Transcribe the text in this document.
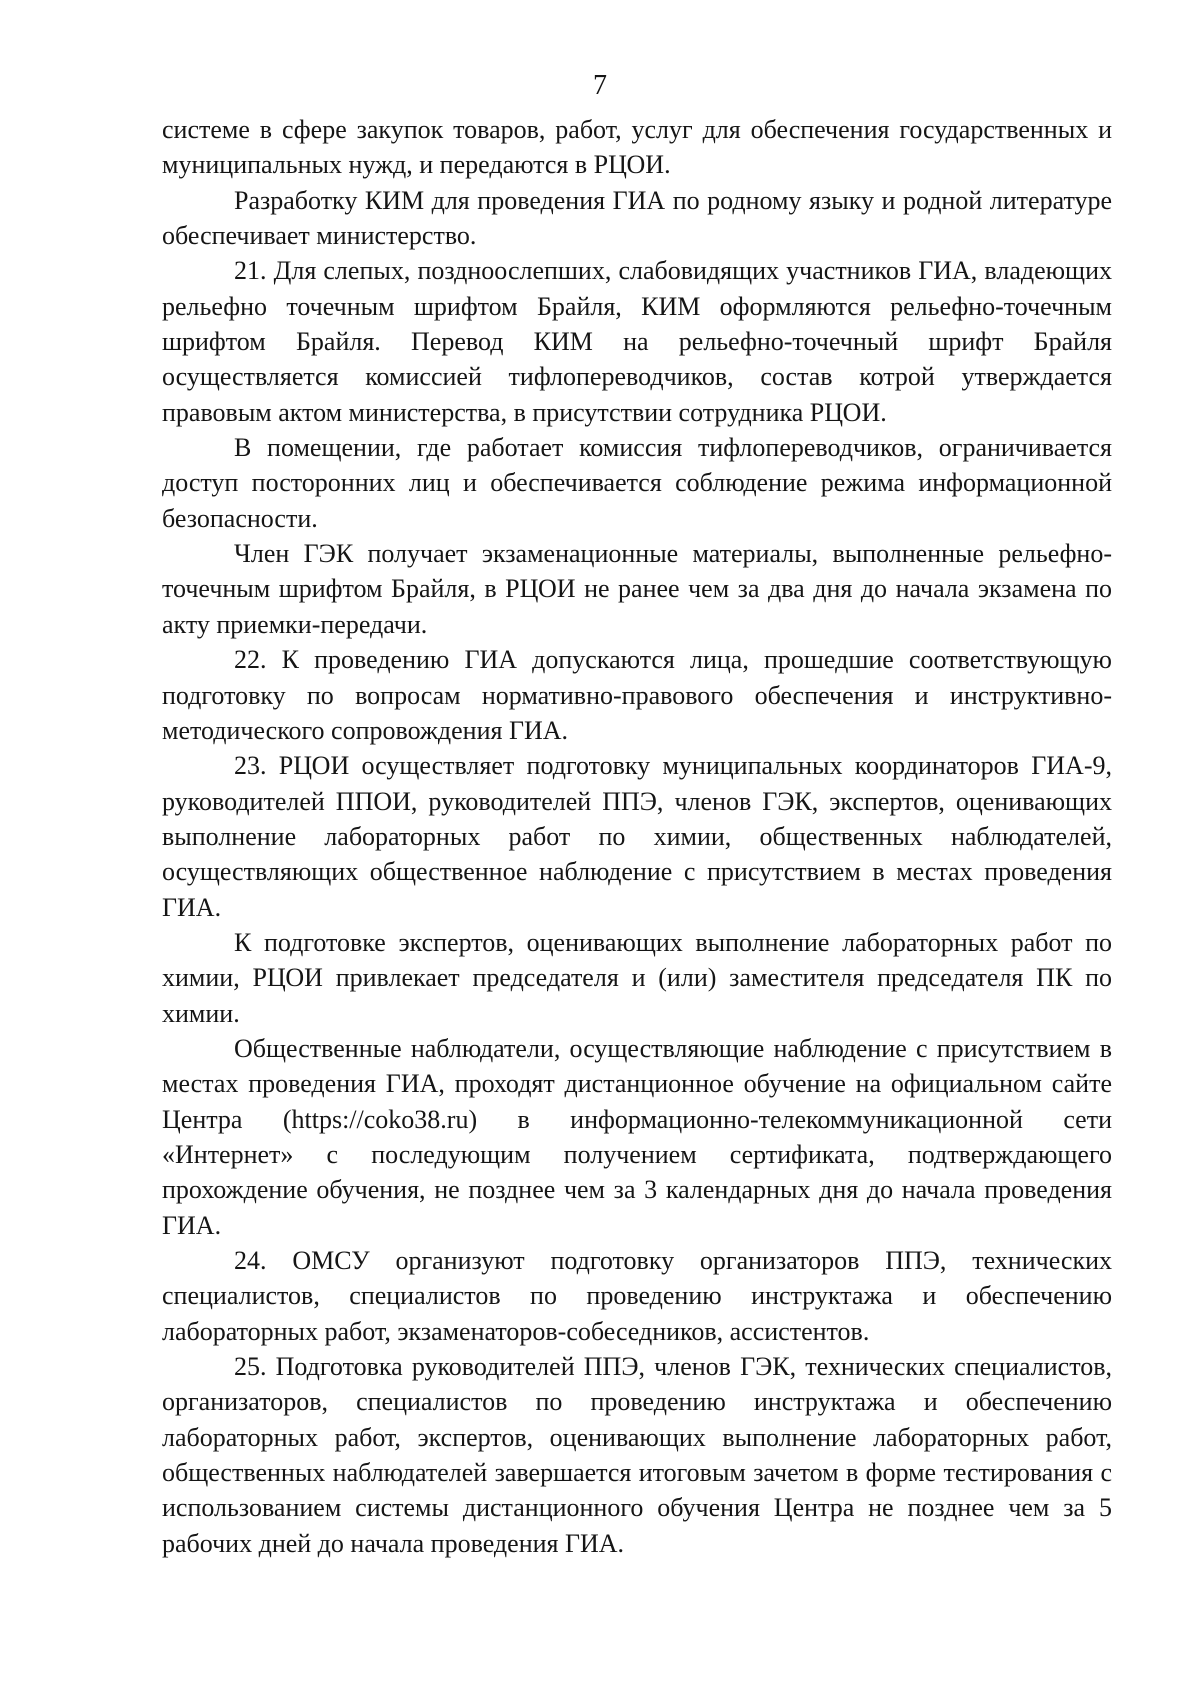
7

системе в сфере закупок товаров, работ, услуг для обеспечения государственных и муниципальных нужд, и передаются в РЦОИ.

Разработку КИМ для проведения ГИА по родному языку и родной литературе обеспечивает министерство.

21. Для слепых, поздноослепших, слабовидящих участников ГИА, владеющих рельефно точечным шрифтом Брайля, КИМ оформляются рельефно-точечным шрифтом Брайля. Перевод КИМ на рельефно-точечный шрифт Брайля осуществляется комиссией тифлопереводчиков, состав котрой утверждается правовым актом министерства, в присутствии сотрудника РЦОИ.

В помещении, где работает комиссия тифлопереводчиков, ограничивается доступ посторонних лиц и обеспечивается соблюдение режима информационной безопасности.

Член ГЭК получает экзаменационные материалы, выполненные рельефно-точечным шрифтом Брайля, в РЦОИ не ранее чем за два дня до начала экзамена по акту приемки-передачи.

22. К проведению ГИА допускаются лица, прошедшие соответствующую подготовку по вопросам нормативно-правового обеспечения и инструктивно-методического сопровождения ГИА.

23. РЦОИ осуществляет подготовку муниципальных координаторов ГИА-9, руководителей ППОИ, руководителей ППЭ, членов ГЭК, экспертов, оценивающих выполнение лабораторных работ по химии, общественных наблюдателей, осуществляющих общественное наблюдение с присутствием в местах проведения ГИА.

К подготовке экспертов, оценивающих выполнение лабораторных работ по химии, РЦОИ привлекает председателя и (или) заместителя председателя ПК по химии.

Общественные наблюдатели, осуществляющие наблюдение с присутствием в местах проведения ГИА, проходят дистанционное обучение на официальном сайте Центра (https://coko38.ru) в информационно-телекоммуникационной сети «Интернет» с последующим получением сертификата, подтверждающего прохождение обучения, не позднее чем за 3 календарных дня до начала проведения ГИА.

24. ОМСУ организуют подготовку организаторов ППЭ, технических специалистов, специалистов по проведению инструктажа и обеспечению лабораторных работ, экзаменаторов-собеседников, ассистентов.

25. Подготовка руководителей ППЭ, членов ГЭК, технических специалистов, организаторов, специалистов по проведению инструктажа и обеспечению лабораторных работ, экспертов, оценивающих выполнение лабораторных работ, общественных наблюдателей завершается итоговым зачетом в форме тестирования с использованием системы дистанционного обучения Центра не позднее чем за 5 рабочих дней до начала проведения ГИА.
